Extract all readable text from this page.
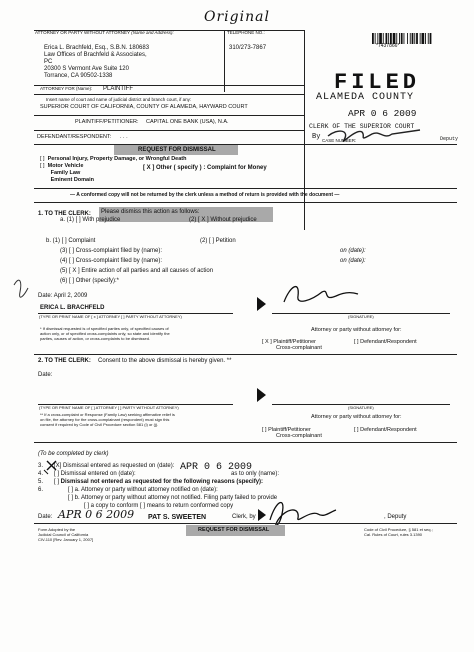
Original
ATTORNEY OR PARTY WITHOUT ATTORNEY (Name and Address):	TELEPHONE NO.:
*7437866*
Erica L. Brachfeld, Esq., S.B.N. 180683
Law Offices of Brachfeld & Associates,
PC
20300 S Vermont Ave Suite 120
Torrance, CA 90502-1338
310/273-7867
ATTORNEY FOR (Name): PLAINTIFF
Insert name of court and name of judicial district and branch court, if any:
SUPERIOR COURT OF CALIFORNIA, COUNTY OF ALAMEDA, HAYWARD COURT
FILED
ALAMEDA COUNTY
APR 0 6 2009
CLERK OF THE SUPERIOR COURT
By	Deputy
PLAINTIFF/PETITIONER: CAPITAL ONE BANK (USA), N.A.
DEFENDANT/RESPONDENT: . . .
REQUEST FOR DISMISSAL
CASE NUMBER:
[ ]  Personal Injury, Property Damage, or Wrongful Death
[ ]  Motor Vehicle
Family Law
Eminent Domain
[ X ] Other ( specify ) : Complaint for Money
— A conformed copy will not be returned by the clerk unless a method of return is provided with the document —
1. TO THE CLERK: Please dismiss this action as follows:
a. (1) [ ] With prejudice	(2) [ X ] Without prejudice
b. (1) [ ] Complaint	(2) [ ] Petition
(3) [ ] Cross-complaint filed by (name):	on (date):
(4) [ ] Cross-complaint filed by (name):	on (date):
(5) [ X ] Entire action of all parties and all causes of action
(6) [ ] Other (specify):*
Date: April 2, 2009
ERICA L. BRACHFELD
(TYPE OR PRINT NAME OF [ x ] ATTORNEY [ ] PARTY WITHOUT ATTORNEY)	(SIGNATURE)
* If dismissal requested is of specified parties only, of specified causes of
action only, or of specified cross-complaints only, so state and identify the
parties, causes of action, or cross-complaints to be dismissed.
Attorney or party without attorney for:
[ X ] Plaintiff/Petitioner
Cross-complainant
[ ] Defendant/Respondent
2. TO THE CLERK: Consent to the above dismissal is hereby given. **
Date:
(TYPE OR PRINT NAME OF [ ] ATTORNEY [ ] PARTY WITHOUT ATTORNEY)	(SIGNATURE)
** If a cross-complaint or Response (Family Law) seeking affirmative relief is
on file, the attorney for the cross-complainant (respondent) must sign this
consent if required by Code of Civil Procedure section 581 (i) or (j).
Attorney or party without attorney for:
[ ] Plaintiff/Petitioner
Cross-complainant
[ ] Defendant/Respondent
(To be completed by clerk)
3.
4.
5.
6.
[X] Dismissal entered as requested on (date):
[ ] Dismissal entered on (date):	as to only (name):
[ ] Dismissal not entered as requested for the following reasons (specify):
[ ] a. Attorney or party without attorney notified on (date):
[ ] b. Attorney or party without attorney not notified. Filing party failed to provide
[ ] a copy to conform [ ] means to return conformed copy
APR 0 6 2009
Date: APR 0 6 2009 PAT S. SWEETEN	Clerk, by	, Deputy
Form Adopted by the
Judicial Council of California
CIV-110 [Rev. January 1, 2007]
REQUEST FOR DISMISSAL	Code of Civil Procedure, § 581 et seq.;
Cal. Rules of Court, rules 3.1390
